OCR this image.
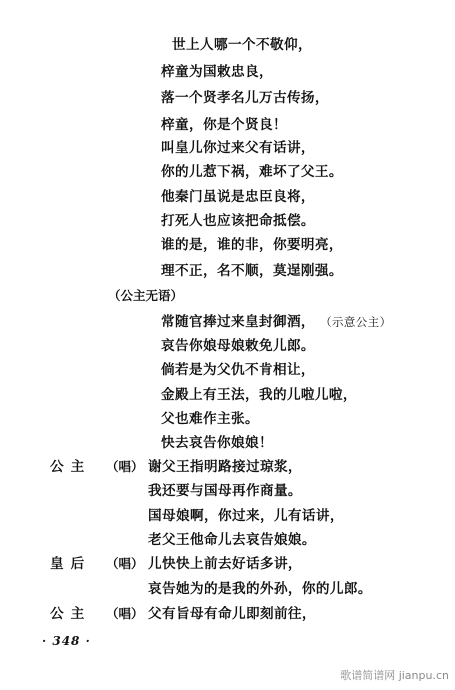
世上人哪一个不敬仰，
梓童为国敕忠良，
落一个贤孝名儿万古传扬，
梓童，你是个贤良！
叫皇儿你过来父有话讲，
你的儿惹下祸，难坏了父王。
他秦门虽说是忠臣良将，
打死人也应该把命抵偿。
谁的是，谁的非，你要明亮，
理不正，名不顺，莫逞刚强。
（公主无语）
常随官捧过来皇封御酒， （示意公主）
哀告你娘母娘敕免儿郎。
倘若是为父仇不肯相让，
金殿上有王法，我的儿啦儿啦，
父也难作主张。
快去哀告你娘娘！
公主 （唱） 谢父王指明路接过琼浆，
我还要与国母再作商量。
国母娘啊，你过来，儿有话讲，
老父王他命儿去哀告娘娘。
皇后 （唱） 儿快快上前去好话多讲，
哀告她为的是我的外孙，你的儿郎。
公主 （唱） 父有旨母有命儿即刻前往，
· 348 ·
歌谱简谱网 jianpu.cn
